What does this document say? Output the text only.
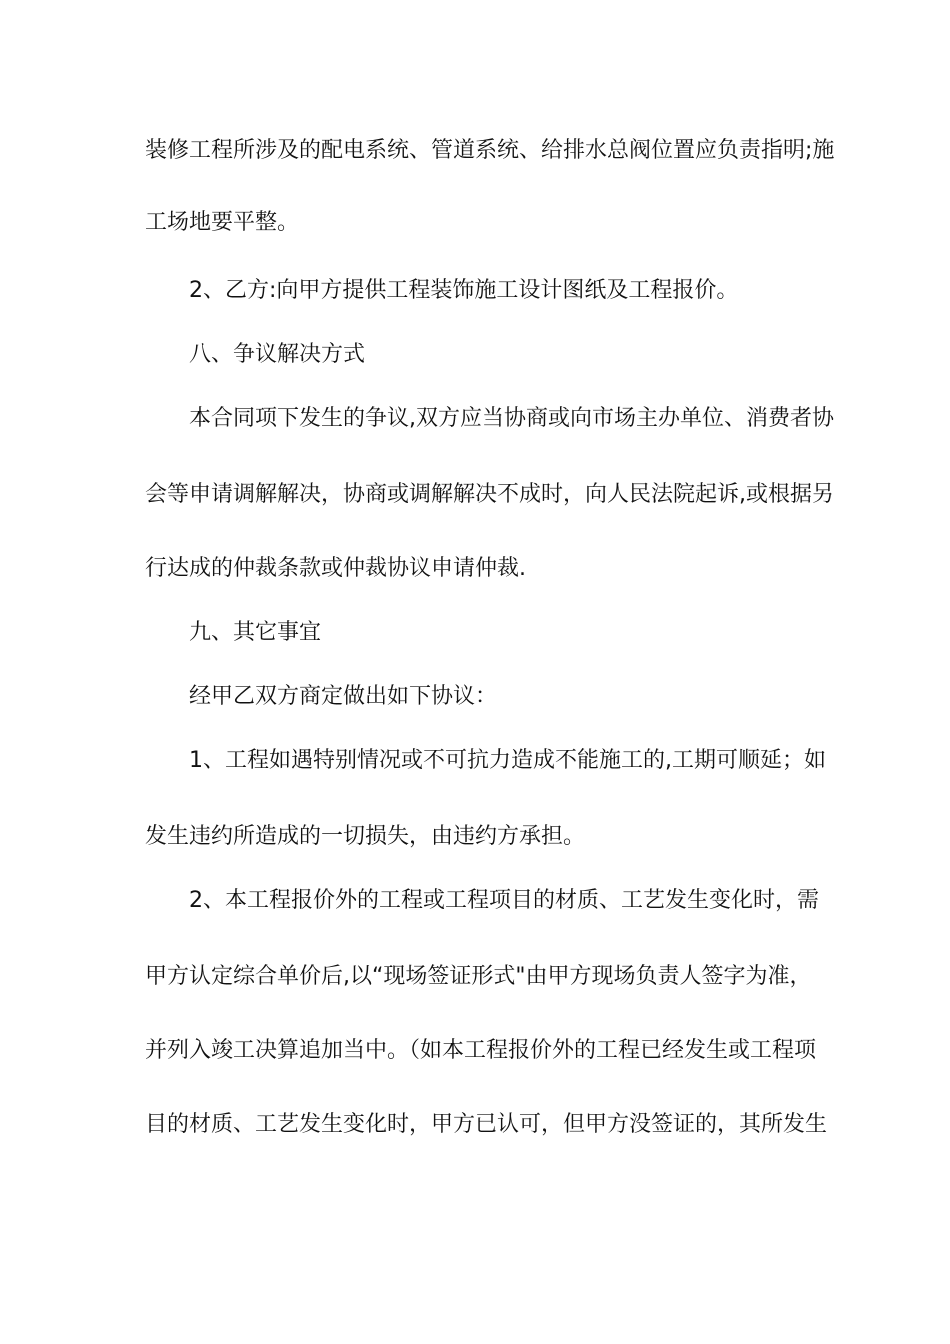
装修工程所涉及的配电系统、管道系统、给排水总阀位置应负责指明;施
工场地要平整。
2、乙方:向甲方提供工程装饰施工设计图纸及工程报价。
八、争议解决方式
本合同项下发生的争议,双方应当协商或向市场主办单位、消费者协
会等申请调解解决，协商或调解解决不成时，向人民法院起诉,或根据另
行达成的仲裁条款或仲裁协议申请仲裁.
九、其它事宜
经甲乙双方商定做出如下协议：
1、工程如遇特别情况或不可抗力造成不能施工的,工期可顺延；如
发生违约所造成的一切损失，由违约方承担。
2、本工程报价外的工程或工程项目的材质、工艺发生变化时，需
甲方认定综合单价后,以“现场签证形式"由甲方现场负责人签字为准，
并列入竣工决算追加当中。（如本工程报价外的工程已经发生或工程项
目的材质、工艺发生变化时，甲方已认可，但甲方没签证的，其所发生
